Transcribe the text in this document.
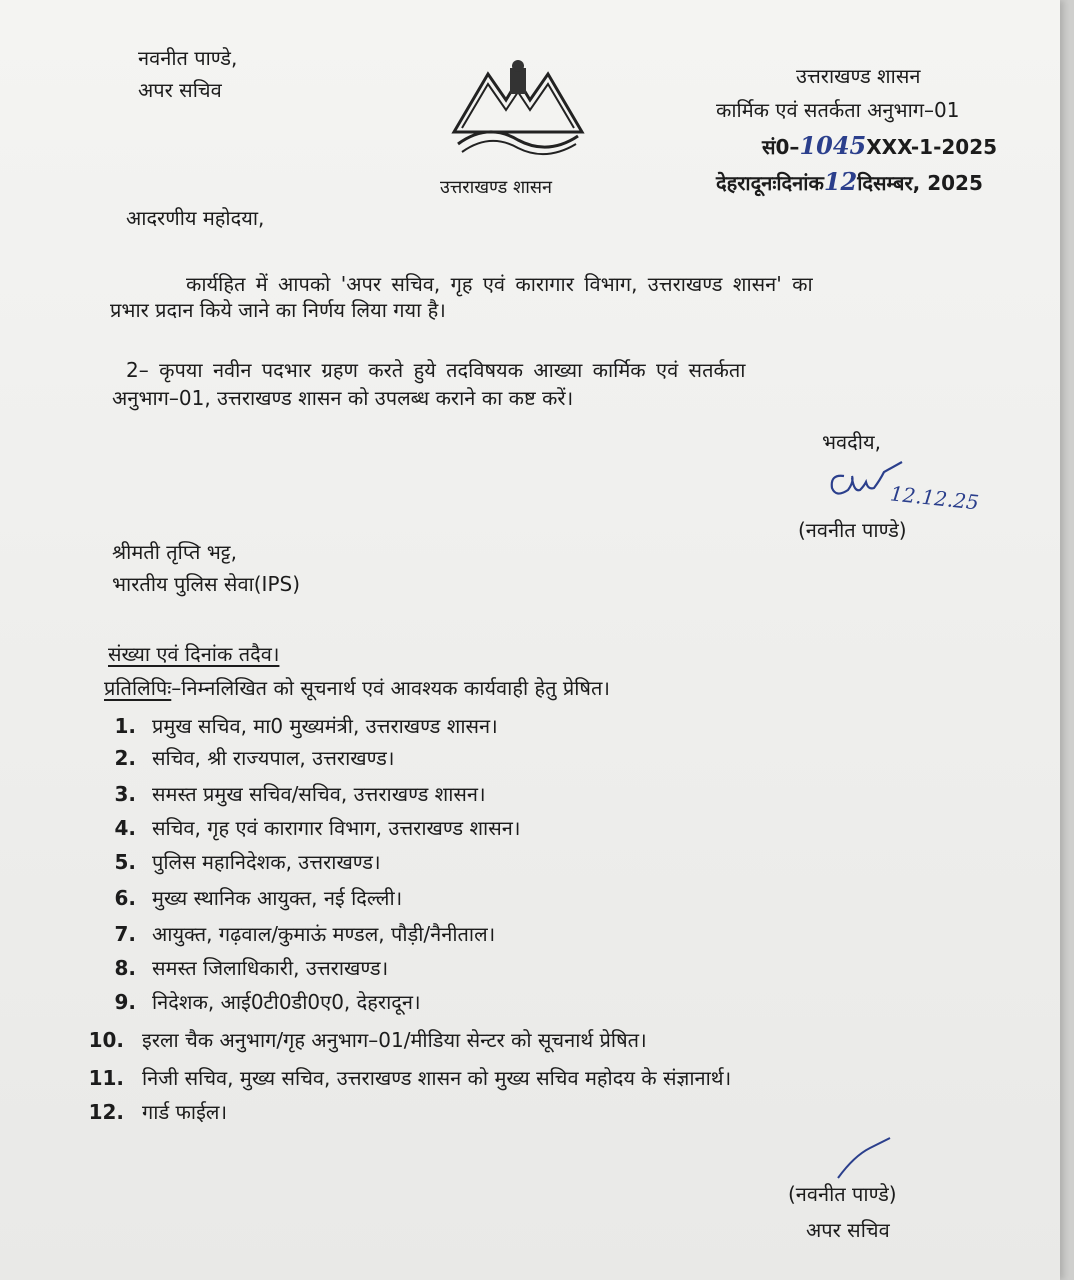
नवनीत पाण्डे,
अपर सचिव
उत्तराखण्ड शासन
उत्तराखण्ड शासन
कार्मिक एवं सतर्कता अनुभाग–01
सं0–1045XXX-1-2025
देहरादूनःदिनांक12दिसम्बर, 2025
आदरणीय महोदया,
कार्यहित में आपको 'अपर सचिव, गृह एवं कारागार विभाग, उत्तराखण्ड शासन' का
प्रभार प्रदान किये जाने का निर्णय लिया गया है।
2– कृपया नवीन पदभार ग्रहण करते हुये तदविषयक आख्या कार्मिक एवं सतर्कता
अनुभाग–01, उत्तराखण्ड शासन को उपलब्ध कराने का कष्ट करें।
भवदीय,
12.12.25
(नवनीत पाण्डे)
श्रीमती तृप्ति भट्ट,
भारतीय पुलिस सेवा(IPS)
संख्या एवं दिनांक तदैव।
प्रतिलिपिः–निम्नलिखित को सूचनार्थ एवं आवश्यक कार्यवाही हेतु प्रेषित।
1. प्रमुख सचिव, मा0 मुख्यमंत्री, उत्तराखण्ड शासन।
2. सचिव, श्री राज्यपाल, उत्तराखण्ड।
3. समस्त प्रमुख सचिव/सचिव, उत्तराखण्ड शासन।
4. सचिव, गृह एवं कारागार विभाग, उत्तराखण्ड शासन।
5. पुलिस महानिदेशक, उत्तराखण्ड।
6. मुख्य स्थानिक आयुक्त, नई दिल्ली।
7. आयुक्त, गढ़वाल/कुमाऊं मण्डल, पौड़ी/नैनीताल।
8. समस्त जिलाधिकारी, उत्तराखण्ड।
9. निदेशक, आई0टी0डी0ए0, देहरादून।
10. इरला चैक अनुभाग/गृह अनुभाग–01/मीडिया सेन्टर को सूचनार्थ प्रेषित।
11. निजी सचिव, मुख्य सचिव, उत्तराखण्ड शासन को मुख्य सचिव महोदय के संज्ञानार्थ।
12. गार्ड फाईल।
(नवनीत पाण्डे)
अपर सचिव
